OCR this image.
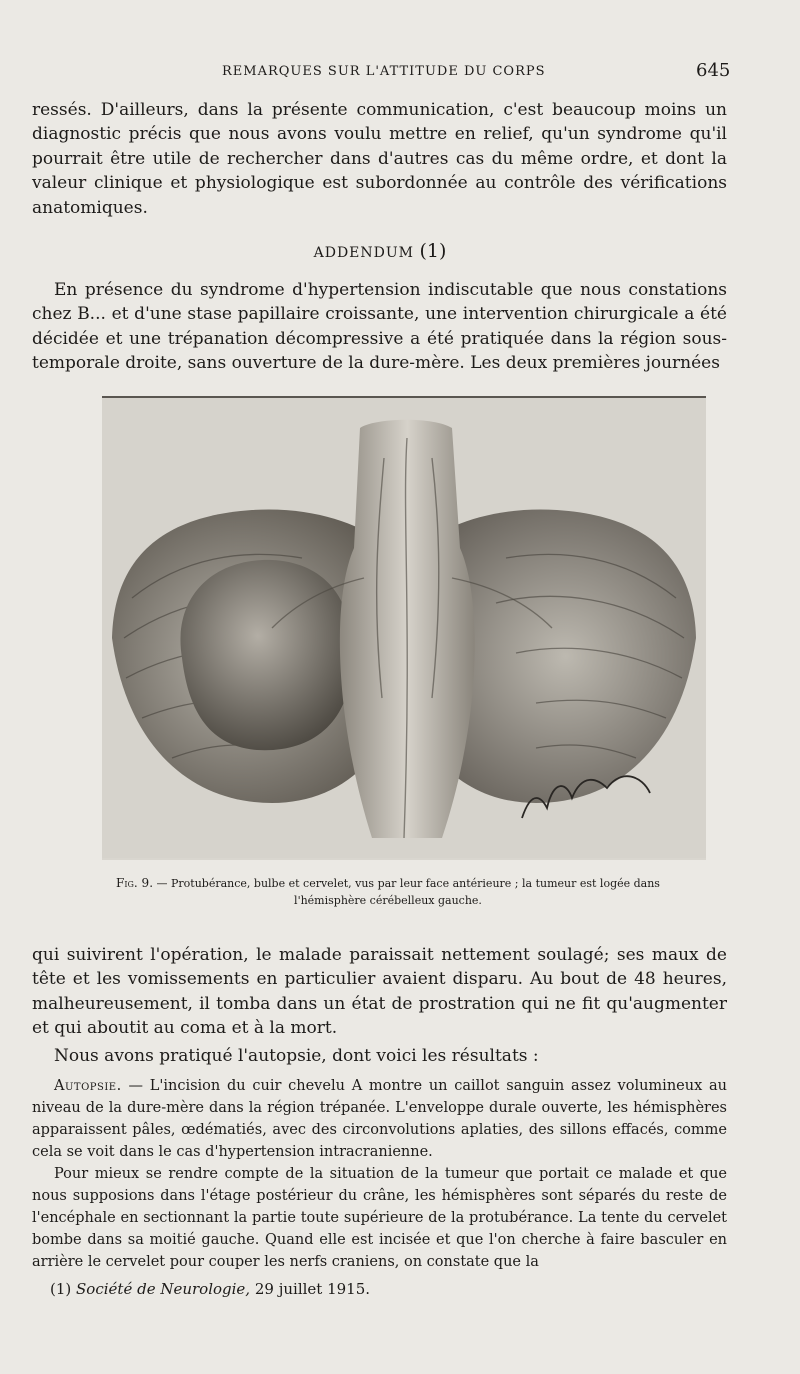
REMARQUES SUR L'ATTITUDE DU CORPS	645
ressés. D'ailleurs, dans la présente communication, c'est beaucoup moins un diagnostic précis que nous avons voulu mettre en relief, qu'un syndrome qu'il pourrait être utile de rechercher dans d'autres cas du même ordre, et dont la valeur clinique et physiologique est subordonnée au contrôle des vérifications anatomiques.
ADDENDUM (1)
En présence du syndrome d'hypertension indiscutable que nous constations chez B... et d'une stase papillaire croissante, une intervention chirurgicale a été décidée et une trépanation décompressive a été pratiquée dans la région sous-temporale droite, sans ouverture de la dure-mère. Les deux premières journées
Fig. 9. — Protubérance, bulbe et cervelet, vus par leur face antérieure ; la tumeur est logée dans l'hémisphère cérébelleux gauche.
qui suivirent l'opération, le malade paraissait nettement soulagé; ses maux de tête et les vomissements en particulier avaient disparu. Au bout de 48 heures, malheureusement, il tomba dans un état de prostration qui ne fit qu'augmenter et qui aboutit au coma et à la mort.
Nous avons pratiqué l'autopsie, dont voici les résultats :
Autopsie. — L'incision du cuir chevelu A montre un caillot sanguin assez volumineux au niveau de la dure-mère dans la région trépanée. L'enveloppe durale ouverte, les hémisphères apparaissent pâles, œdématiés, avec des circonvolutions aplaties, des sillons effacés, comme cela se voit dans le cas d'hypertension intracranienne.
Pour mieux se rendre compte de la situation de la tumeur que portait ce malade et que nous supposions dans l'étage postérieur du crâne, les hémisphères sont séparés du reste de l'encéphale en sectionnant la partie toute supérieure de la protubérance. La tente du cervelet bombe dans sa moitié gauche. Quand elle est incisée et que l'on cherche à faire basculer en arrière le cervelet pour couper les nerfs craniens, on constate que la
(1) Société de Neurologie, 29 juillet 1915.
